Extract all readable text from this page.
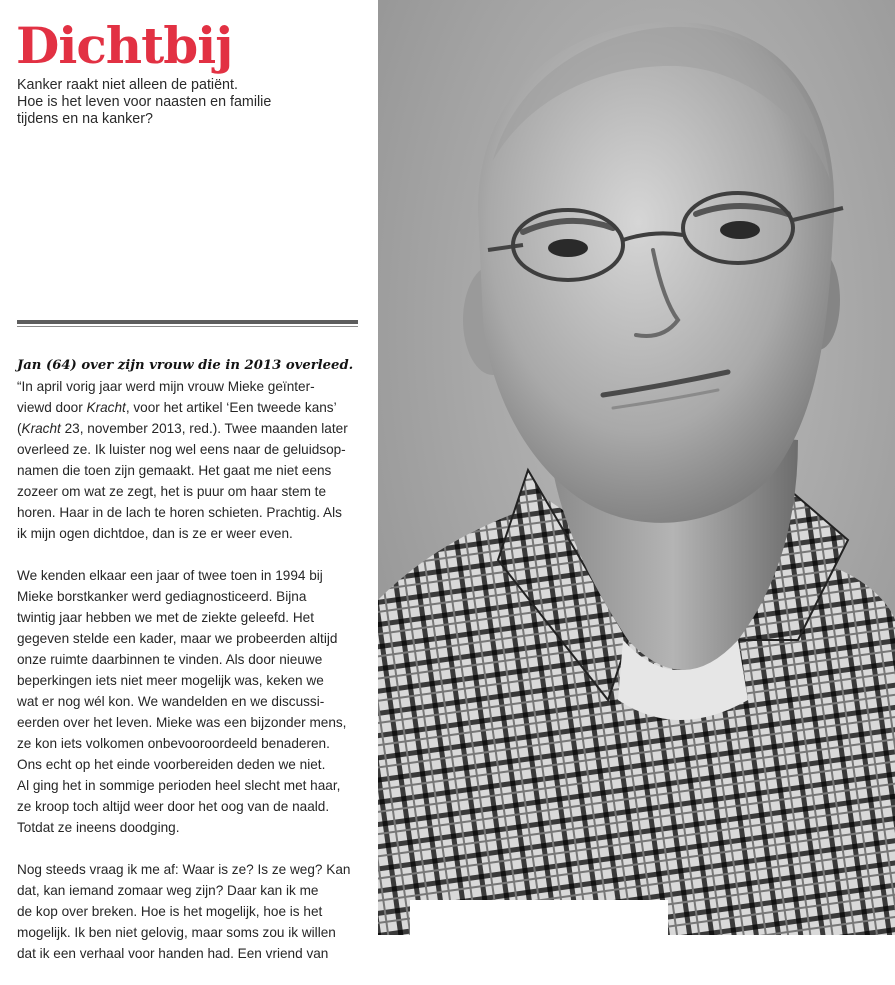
Dichtbij
Kanker raakt niet alleen de patiënt.
Hoe is het leven voor naasten en familie
tijdens en na kanker?
Jan (64) over zijn vrouw die in 2013 overleed.
“In april vorig jaar werd mijn vrouw Mieke geïnter-
viewd door Kracht, voor het artikel ‘Een tweede kans’
(Kracht 23, november 2013, red.). Twee maanden later
overleed ze. Ik luister nog wel eens naar de geluidsop-
namen die toen zijn gemaakt. Het gaat me niet eens
zozeer om wat ze zegt, het is puur om haar stem te
horen. Haar in de lach te horen schieten. Prachtig. Als
ik mijn ogen dichtdoe, dan is ze er weer even.
We kenden elkaar een jaar of twee toen in 1994 bij
Mieke borstkanker werd gediagnosticeerd. Bijna
twintig jaar hebben we met de ziekte geleefd. Het
gegeven stelde een kader, maar we probeerden altijd
onze ruimte daarbinnen te vinden. Als door nieuwe
beperkingen iets niet meer mogelijk was, keken we
wat er nog wél kon. We wandelden en we discussi-
eerden over het leven. Mieke was een bijzonder mens,
ze kon iets volkomen onbevooroordeeld benaderen.
Ons echt op het einde voorbereiden deden we niet.
Al ging het in sommige perioden heel slecht met haar,
ze kroop toch altijd weer door het oog van de naald.
Totdat ze ineens doodging.
Nog steeds vraag ik me af: Waar is ze? Is ze weg? Kan
dat, kan iemand zomaar weg zijn? Daar kan ik me
de kop over breken. Hoe is het mogelijk, hoe is het
mogelijk. Ik ben niet gelovig, maar soms zou ik willen
dat ik een verhaal voor handen had. Een vriend van
